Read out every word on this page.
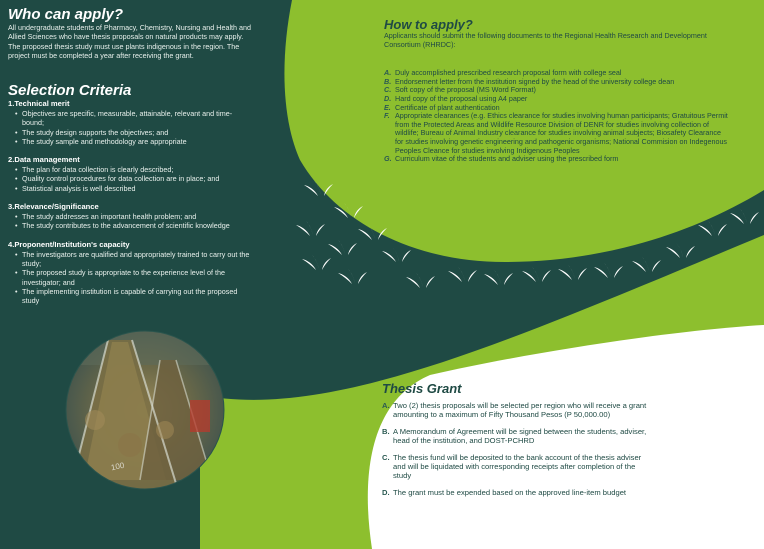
100
Who can apply?
All undergraduate students of Pharmacy, Chemistry, Nursing and Health and Allied Sciences who have thesis proposals on natural products may apply. The proposed thesis study must use plants indigenous in the region. The project must be completed a year after receiving the grant.
Selection Criteria
1.Technical merit
• Objectives are specific, measurable, attainable, relevant and time-bound;
• The study design supports the objectives; and
• The study sample and methodology are appropriate
2.Data management
• The plan for data collection is clearly described;
• Quality control procedures for data collection are in place; and
• Statistical analysis is well described
3.Relevance/Significance
• The study addresses an important health problem; and
• The study contributes to the advancement of scientific knowledge
4.Proponent/Institution's capacity
• The investigators are qualified and appropriately trained to carry out the study;
• The proposed study is appropriate to the experience level of the investigator; and
• The implementing institution is capable of carrying out the proposed study
How to apply?
Applicants should submit the following documents to the Regional Health Research and Development Consortium (RHRDC):
A. Duly accomplished prescribed research proposal form with college seal
B. Endorsement letter from the institution signed by the head of the university college dean
C. Soft copy of the proposal (MS Word Format)
D. Hard copy of the proposal using A4 paper
E. Certificate of plant authentication
F. Appropriate clearances (e.g. Ethics clearance for studies involving human participants; Gratuitous Permit from the Protected Areas and Wildlife Resource Division of DENR for studies involving collection of wildlife; Bureau of Animal Industry clearance for studies involving animal subjects; Biosafety Clearance for studies involving genetic engineering and pathogenic organisms; National Commision on Indegenous Peoples Cleance for studies involving Indigenous Peoples
G. Curriculum vitae of the students and adviser using the prescribed form
Thesis Grant
A. Two (2) thesis proposals will be selected per region who will receive a grant amounting to a maximum of Fifty Thousand Pesos (P 50,000.00)
B. A Memorandum of Agreement will be signed between the students, adviser, head of the institution, and DOST-PCHRD
C. The thesis fund will be deposited to the bank account of the thesis adviser and will be liquidated with corresponding receipts after completion of the study
D. The grant must be expended based on the approved line-item budget
